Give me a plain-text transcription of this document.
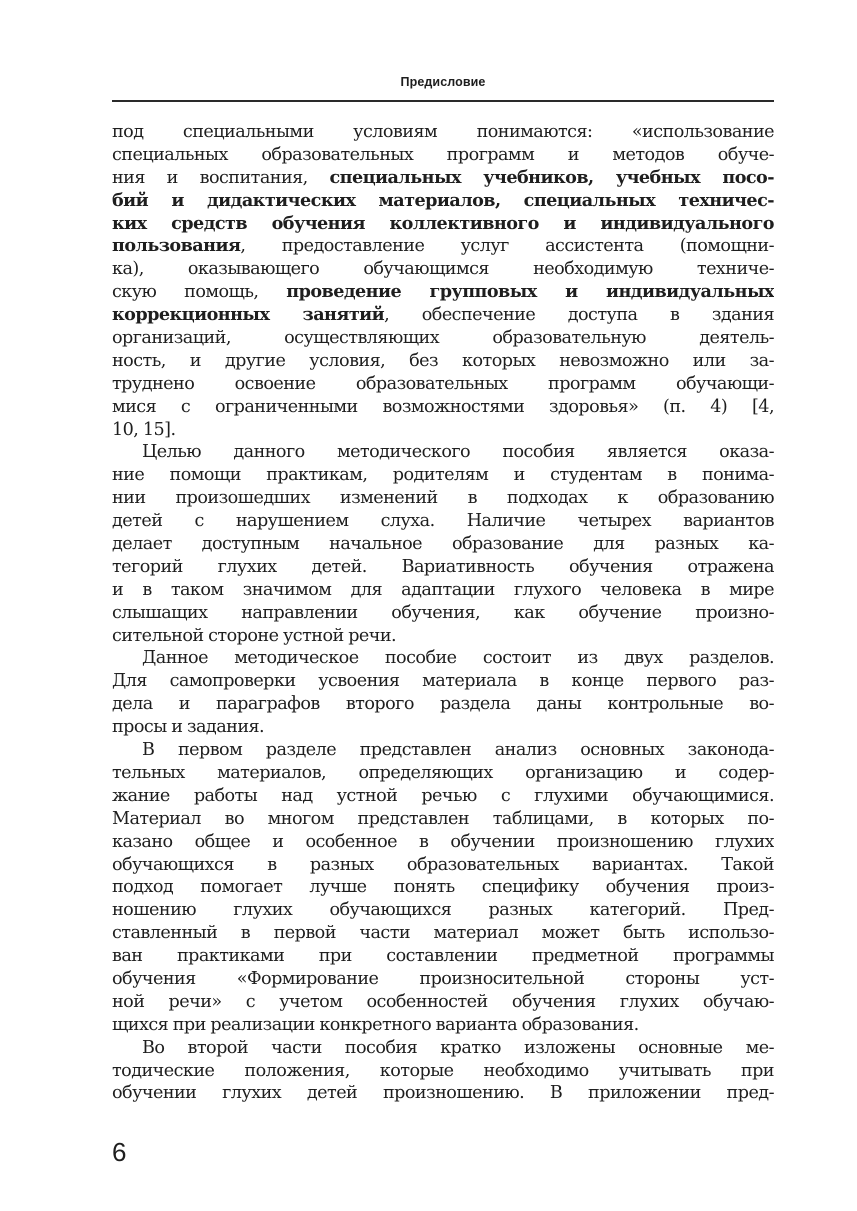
Предисловие
под специальными условиям понимаются: «использование
специальных образовательных программ и методов обуче-
ния и воспитания, специальных учебников, учебных посо-
бий и дидактических материалов, специальных техничес-
ких средств обучения коллективного и индивидуального
пользования, предоставление услуг ассистента (помощни-
ка), оказывающего обучающимся необходимую техниче-
скую помощь, проведение групповых и индивидуальных
коррекционных занятий, обеспечение доступа в здания
организаций, осуществляющих образовательную деятель-
ность, и другие условия, без которых невозможно или за-
труднено освоение образовательных программ обучающи-
мися с ограниченными возможностями здоровья» (п. 4) [4,
10, 15].
Целью данного методического пособия является оказа-
ние помощи практикам, родителям и студентам в понима-
нии произошедших изменений в подходах к образованию
детей с нарушением слуха. Наличие четырех вариантов
делает доступным начальное образование для разных ка-
тегорий глухих детей. Вариативность обучения отражена
и в таком значимом для адаптации глухого человека в мире
слышащих направлении обучения, как обучение произно-
сительной стороне устной речи.
Данное методическое пособие состоит из двух разделов.
Для самопроверки усвоения материала в конце первого раз-
дела и параграфов второго раздела даны контрольные во-
просы и задания.
В первом разделе представлен анализ основных законода-
тельных материалов, определяющих организацию и содер-
жание работы над устной речью с глухими обучающимися.
Материал во многом представлен таблицами, в которых по-
казано общее и особенное в обучении произношению глухих
обучающихся в разных образовательных вариантах. Такой
подход помогает лучше понять специфику обучения произ-
ношению глухих обучающихся разных категорий. Пред-
ставленный в первой части материал может быть использо-
ван практиками при составлении предметной программы
обучения «Формирование произносительной стороны уст-
ной речи» с учетом особенностей обучения глухих обучаю-
щихся при реализации конкретного варианта образования.
Во второй части пособия кратко изложены основные ме-
тодические положения, которые необходимо учитывать при
обучении глухих детей произношению. В приложении пред-
6
